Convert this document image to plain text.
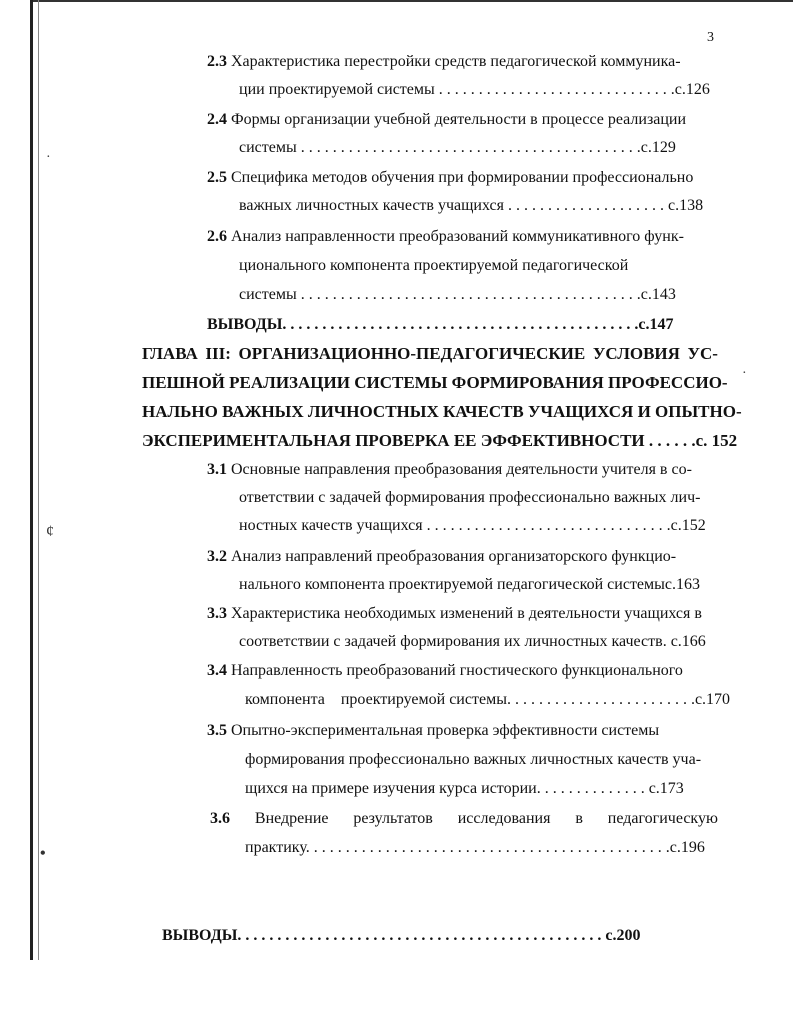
3
2.3 Характеристика перестройки средств педагогической коммуника-
ции проектируемой системы . . . . . . . . . . . . . . . . . . . . . . . . . . . . . .с.126
2.4 Формы организации учебной деятельности в процессе реализации
системы . . . . . . . . . . . . . . . . . . . . . . . . . . . . . . . . . . . . . . . . . . .с.129
2.5 Специфика методов обучения при формировании профессионально
важных личностных качеств учащихся . . . . . . . . . . . . . . . . . . . . с.138
2.6 Анализ направленности преобразований коммуникативного функ-
ционального компонента проектируемой педагогической
системы . . . . . . . . . . . . . . . . . . . . . . . . . . . . . . . . . . . . . . . . . . .с.143
ВЫВОДЫ. . . . . . . . . . . . . . . . . . . . . . . . . . . . . . . . . . . . . . . . . . . . .с.147
ГЛАВА III: ОРГАНИЗАЦИОННО-ПЕДАГОГИЧЕСКИЕ УСЛОВИЯ УС-
ПЕШНОЙ РЕАЛИЗАЦИИ СИСТЕМЫ ФОРМИРОВАНИЯ ПРОФЕССИО-
НАЛЬНО ВАЖНЫХ ЛИЧНОСТНЫХ КАЧЕСТВ УЧАЩИХСЯ И ОПЫТНО-
ЭКСПЕРИМЕНТАЛЬНАЯ ПРОВЕРКА ЕЕ ЭФФЕКТИВНОСТИ . . . . . .с. 152
3.1 Основные направления преобразования деятельности учителя в со-
ответствии с задачей формирования профессионально важных лич-
ностных качеств учащихся . . . . . . . . . . . . . . . . . . . . . . . . . . . . . . .с.152
3.2 Анализ направлений преобразования организаторского функцио-
нального компонента проектируемой педагогической системыс.163
3.3 Характеристика необходимых изменений в деятельности учащихся в
соответствии с задачей формирования их личностных качеств. с.166
3.4 Направленность преобразований гностического функционального
компонента    проектируемой системы. . . . . . . . . . . . . . . . . . . . . . . .с.170
3.5 Опытно-экспериментальная проверка эффективности системы
формирования профессионально важных личностных качеств уча-
щихся на примере изучения курса истории. . . . . . . . . . . . . . с.173
3.6 Внедрение результатов исследования в педагогическую
практику. . . . . . . . . . . . . . . . . . . . . . . . . . . . . . . . . . . . . . . . . . . . . .с.196
ВЫВОДЫ. . . . . . . . . . . . . . . . . . . . . . . . . . . . . . . . . . . . . . . . . . . . . . с.200
·
¢
•
·
